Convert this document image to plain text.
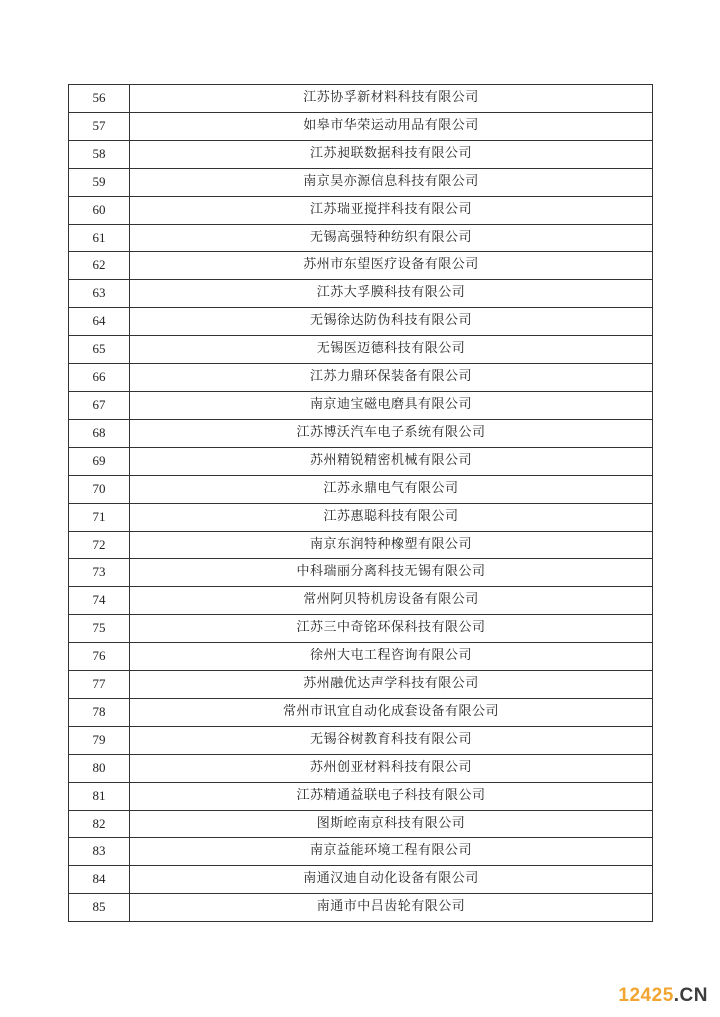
56	江苏协孚新材料科技有限公司
57	如皋市华荣运动用品有限公司
58	江苏昶联数据科技有限公司
59	南京昊亦源信息科技有限公司
60	江苏瑞亚搅拌科技有限公司
61	无锡高强特种纺织有限公司
62	苏州市东望医疗设备有限公司
63	江苏大孚膜科技有限公司
64	无锡徐达防伪科技有限公司
65	无锡医迈德科技有限公司
66	江苏力鼎环保装备有限公司
67	南京迪宝磁电磨具有限公司
68	江苏博沃汽车电子系统有限公司
69	苏州精锐精密机械有限公司
70	江苏永鼎电气有限公司
71	江苏惠聪科技有限公司
72	南京东润特种橡塑有限公司
73	中科瑞丽分离科技无锡有限公司
74	常州阿贝特机房设备有限公司
75	江苏三中奇铭环保科技有限公司
76	徐州大屯工程咨询有限公司
77	苏州融优达声学科技有限公司
78	常州市讯宜自动化成套设备有限公司
79	无锡谷树教育科技有限公司
80	苏州创亚材料科技有限公司
81	江苏精通益联电子科技有限公司
82	图斯崆南京科技有限公司
83	南京益能环境工程有限公司
84	南通汉迪自动化设备有限公司
85	南通市中吕齿轮有限公司
12425.CN
